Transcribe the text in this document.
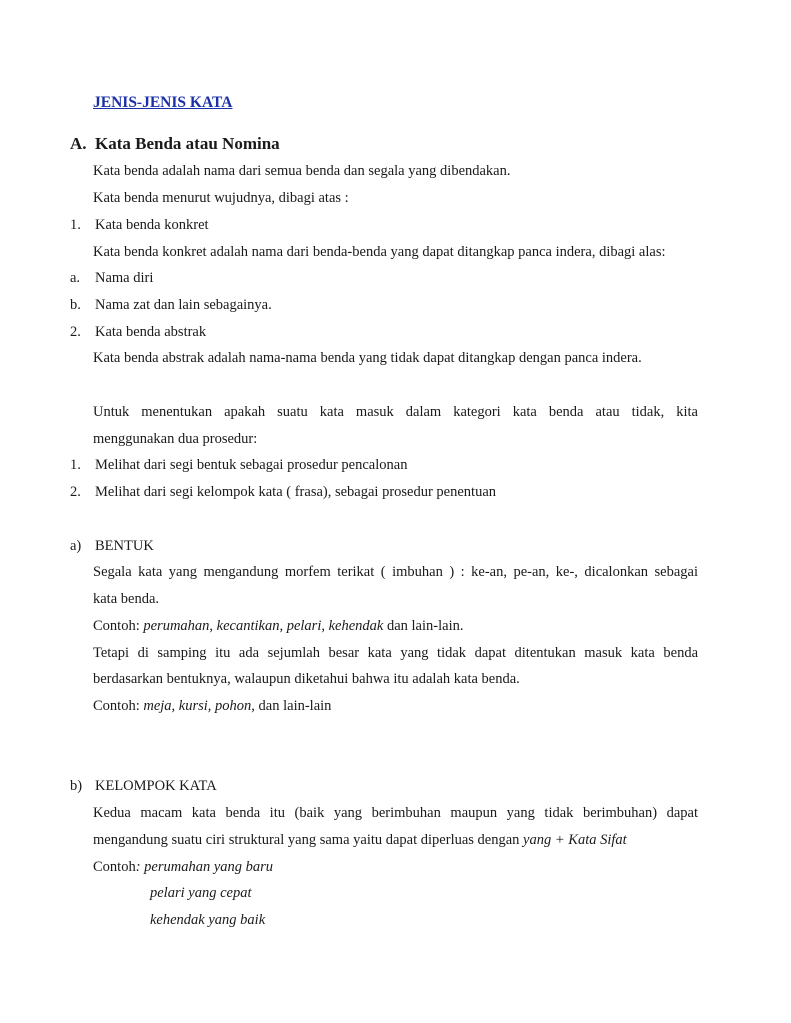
JENIS-JENIS KATA
A. Kata Benda atau Nomina
Kata benda adalah nama dari semua benda dan segala yang dibendakan.
Kata benda menurut wujudnya, dibagi atas :
1. Kata benda konkret
Kata benda konkret adalah nama dari benda-benda yang dapat ditangkap panca indera, dibagi alas:
a. Nama diri
b. Nama zat dan lain sebagainya.
2. Kata benda abstrak
Kata benda abstrak adalah nama-nama benda yang tidak dapat ditangkap dengan panca indera.
Untuk menentukan apakah suatu kata masuk dalam kategori kata benda atau tidak, kita
menggunakan dua prosedur:
1. Melihat dari segi bentuk sebagai prosedur pencalonan
2. Melihat dari segi kelompok kata ( frasa), sebagai prosedur penentuan
a) BENTUK
Segala kata yang mengandung morfem terikat ( imbuhan ) : ke-an, pe-an, ke-, dicalonkan sebagai
kata benda.
Contoh: perumahan, kecantikan, pelari, kehendak dan lain-lain.
Tetapi di samping itu ada sejumlah besar kata yang tidak dapat ditentukan masuk kata benda
berdasarkan bentuknya, walaupun diketahui bahwa itu adalah kata benda.
Contoh: meja, kursi, pohon, dan lain-lain
b) KELOMPOK KATA
Kedua macam kata benda itu (baik yang berimbuhan maupun yang tidak berimbuhan) dapat
mengandung suatu ciri struktural yang sama yaitu dapat diperluas dengan yang + Kata Sifat
Contoh: perumahan yang baru
pelari yang cepat
kehendak yang baik
